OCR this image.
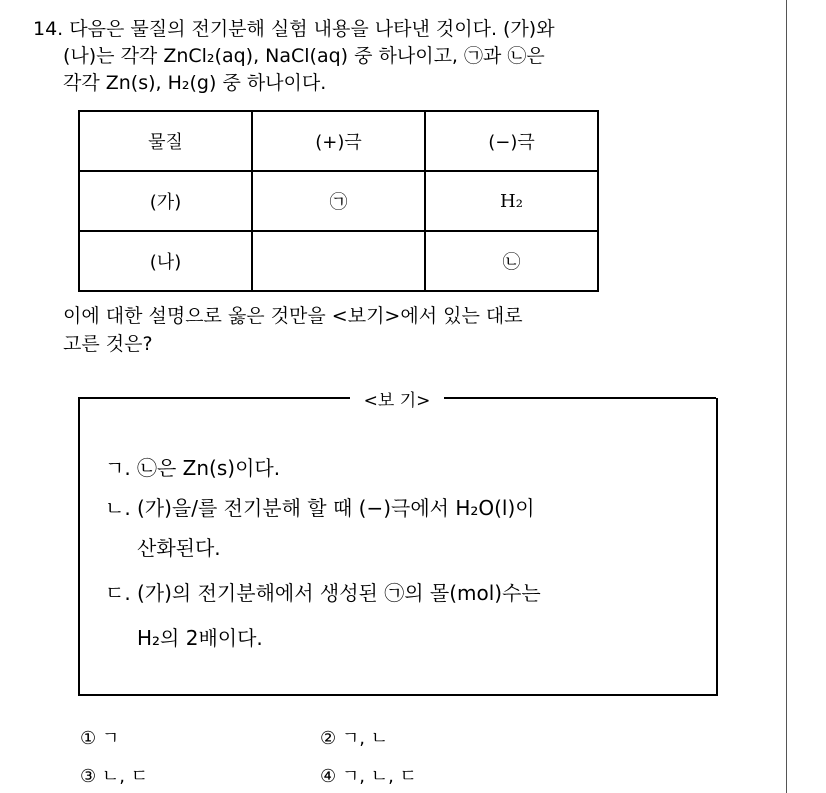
14. 다음은 물질의 전기분해 실험 내용을 나타낸 것이다. (가)와
(나)는 각각 ZnCl₂(aq), NaCl(aq) 중 하나이고, ㉠과 ㉡은
각각 Zn(s), H₂(g) 중 하나이다.
물질	(+)극	(−)극
(가)	㉠	H₂
(나)		㉡
이에 대한 설명으로 옳은 것만을 <보기>에서 있는 대로
고른 것은?
<보 기>
ㄱ. ㉡은 Zn(s)이다.
ㄴ. (가)을/를 전기분해 할 때 (−)극에서 H₂O(l)이
산화된다.
ㄷ. (가)의 전기분해에서 생성된 ㉠의 몰(mol)수는
H₂의 2배이다.
① ㄱ	② ㄱ, ㄴ
③ ㄴ, ㄷ	④ ㄱ, ㄴ, ㄷ
